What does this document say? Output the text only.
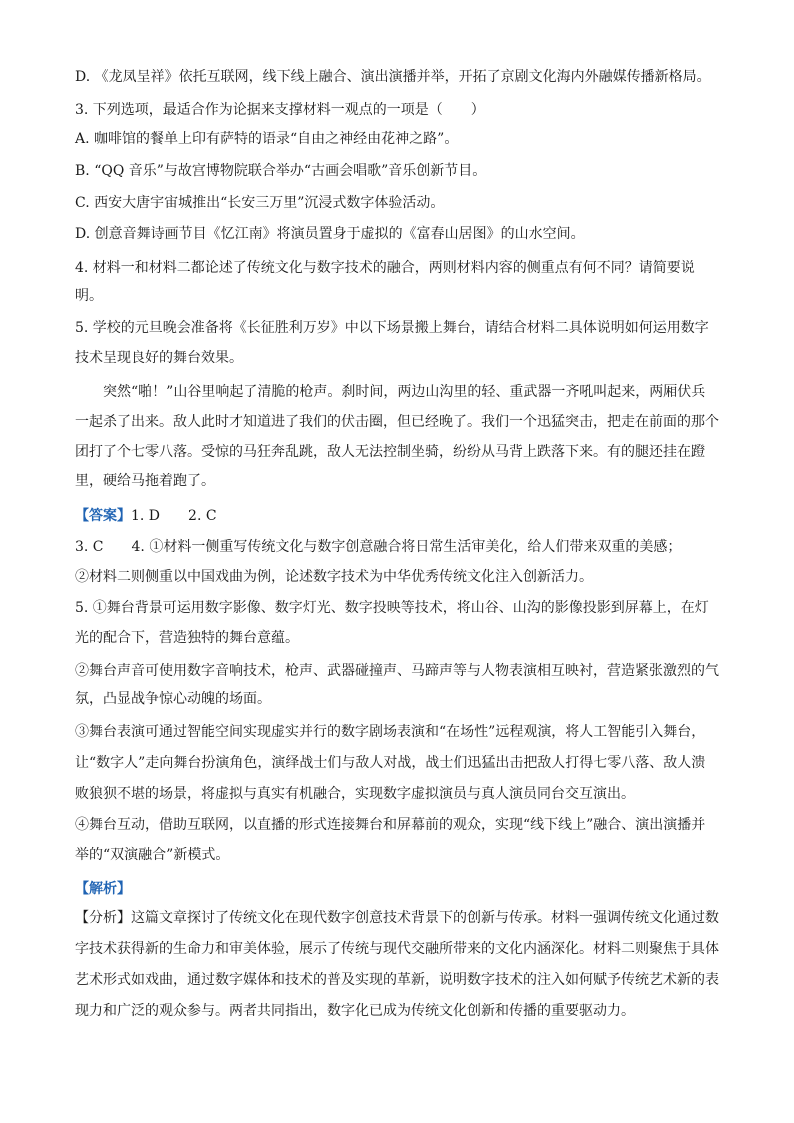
D. 《龙凤呈祥》依托互联网，线下线上融合、演出演播并举，开拓了京剧文化海内外融媒传播新格局。
3. 下列选项，最适合作为论据来支撑材料一观点的一项是（　　）
A. 咖啡馆的餐单上印有萨特的语录“自由之神经由花神之路”。
B. “QQ 音乐”与故宫博物院联合举办“古画会唱歌”音乐创新节目。
C. 西安大唐宇宙城推出“长安三万里”沉浸式数字体验活动。
D. 创意音舞诗画节目《忆江南》将演员置身于虚拟的《富春山居图》的山水空间。
4. 材料一和材料二都论述了传统文化与数字技术的融合，两则材料内容的侧重点有何不同？请简要说
明。
5. 学校的元旦晚会准备将《长征胜利万岁》中以下场景搬上舞台，请结合材料二具体说明如何运用数字
技术呈现良好的舞台效果。
突然“啪！”山谷里响起了清脆的枪声。刹时间，两边山沟里的轻、重武器一齐吼叫起来，两厢伏兵
一起杀了出来。敌人此时才知道进了我们的伏击圈，但已经晚了。我们一个迅猛突击，把走在前面的那个
团打了个七零八落。受惊的马狂奔乱跳，敌人无法控制坐骑，纷纷从马背上跌落下来。有的腿还挂在蹬
里，硬给马拖着跑了。
【答案】1. D　　2. C
3. C　　4. ①材料一侧重写传统文化与数字创意融合将日常生活审美化，给人们带来双重的美感；
②材料二则侧重以中国戏曲为例，论述数字技术为中华优秀传统文化注入创新活力。
5. ①舞台背景可运用数字影像、数字灯光、数字投映等技术，将山谷、山沟的影像投影到屏幕上，在灯
光的配合下，营造独特的舞台意蕴。
②舞台声音可使用数字音响技术，枪声、武器碰撞声、马蹄声等与人物表演相互映衬，营造紧张激烈的气
氛，凸显战争惊心动魄的场面。
③舞台表演可通过智能空间实现虚实并行的数字剧场表演和“在场性”远程观演，将人工智能引入舞台，
让“数字人”走向舞台扮演角色，演绎战士们与敌人对战，战士们迅猛出击把敌人打得七零八落、敌人溃
败狼狈不堪的场景，将虚拟与真实有机融合，实现数字虚拟演员与真人演员同台交互演出。
④舞台互动，借助互联网，以直播的形式连接舞台和屏幕前的观众，实现“线下线上”融合、演出演播并
举的“双演融合”新模式。
【解析】
【分析】这篇文章探讨了传统文化在现代数字创意技术背景下的创新与传承。材料一强调传统文化通过数
字技术获得新的生命力和审美体验，展示了传统与现代交融所带来的文化内涵深化。材料二则聚焦于具体
艺术形式如戏曲，通过数字媒体和技术的普及实现的革新，说明数字技术的注入如何赋予传统艺术新的表
现力和广泛的观众参与。两者共同指出，数字化已成为传统文化创新和传播的重要驱动力。
